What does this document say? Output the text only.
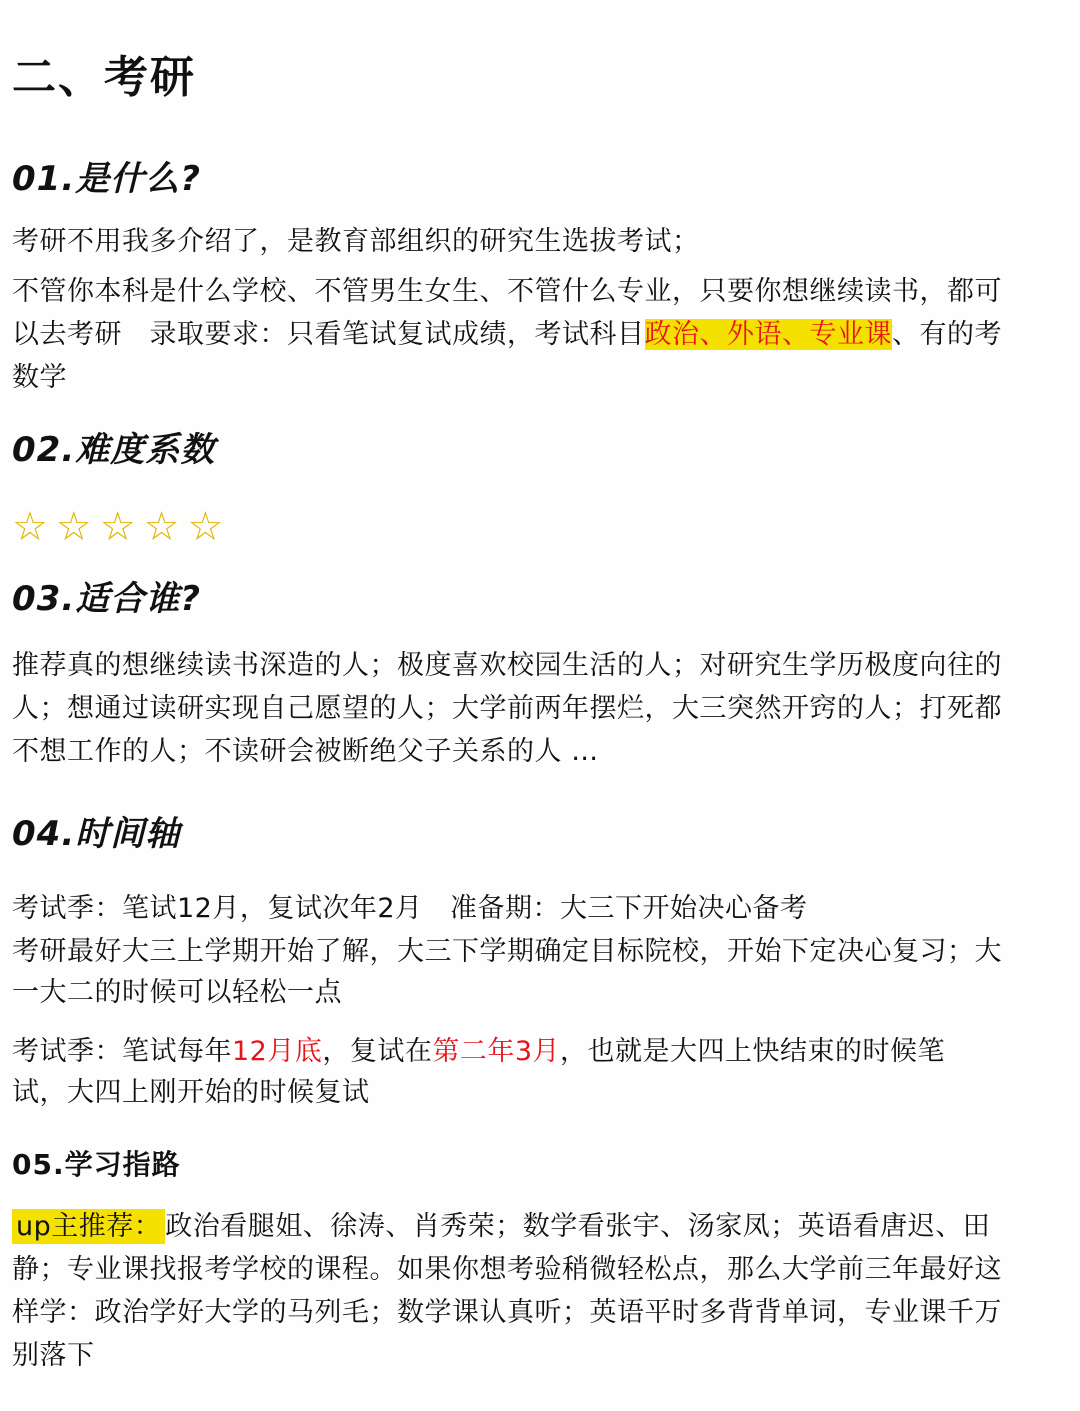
二、考研
01.是什么?
考研不用我多介绍了，是教育部组织的研究生选拔考试；
不管你本科是什么学校、不管男生女生、不管什么专业，只要你想继续读书，都可以去考研　录取要求：只看笔试复试成绩，考试科目政治、外语、专业课、有的考数学
02.难度系数
☆☆☆☆☆
03.适合谁?
推荐真的想继续读书深造的人；极度喜欢校园生活的人；对研究生学历极度向往的人；想通过读研实现自己愿望的人；大学前两年摆烂，大三突然开窍的人；打死都不想工作的人；不读研会被断绝父子关系的人 …
04.时间轴
考试季：笔试12月，复试次年2月　准备期：大三下开始决心备考
考研最好大三上学期开始了解，大三下学期确定目标院校，开始下定决心复习；大一大二的时候可以轻松一点
考试季：笔试每年12月底，复试在第二年3月，也就是大四上快结束的时候笔试，大四上刚开始的时候复试
05.学习指路
up主推荐： 政治看腿姐、徐涛、肖秀荣；数学看张宇、汤家凤；英语看唐迟、田静；专业课找报考学校的课程。如果你想考验稍微轻松点，那么大学前三年最好这样学：政治学好大学的马列毛；数学课认真听；英语平时多背背单词，专业课千万别落下
